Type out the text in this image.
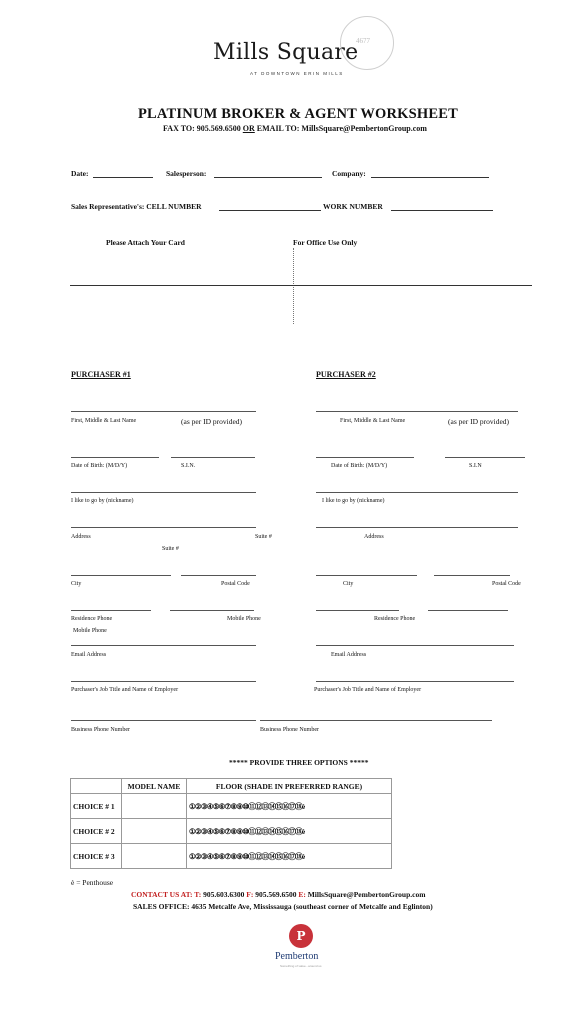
Mills Square
AT DOWNTOWN ERIN MILLS
4677
PLATINUM BROKER & AGENT WORKSHEET
FAX TO: 905.569.6500 OR EMAIL TO: MillsSquare@PembertonGroup.com
Date:	Salesperson:	Company:
Sales Representative's: CELL NUMBER	WORK NUMBER
Please Attach Your Card	For Office Use Only
PURCHASER #1	PURCHASER #2
First, Middle & Last Name	(as per ID provided)
Date of Birth: (M/D/Y)	S.I.N.
I like to go by (nickname)
Address	Suite #
Suite #
City	Postal Code
Residence Phone	Mobile Phone
Mobile Phone
Email Address
Purchaser's Job Title and Name of Employer
Business Phone Number
First, Middle & Last Name	(as per ID provided)
Date of Birth: (M/D/Y)	S.I.N
I like to go by (nickname)
Address
City	Postal Code
Residence Phone
Email Address
Purchaser's Job Title and Name of Employer
Business Phone Number
***** PROVIDE THREE OPTIONS *****
	MODEL NAME	FLOOR (SHADE IN PREFERRED RANGE)
CHOICE # 1		①②③④⑤⑥⑦⑧⑨⑩⑪⑫⑬⑭⑮⑯⑰⑱è
CHOICE # 2		①②③④⑤⑥⑦⑧⑨⑩⑪⑫⑬⑭⑮⑯⑰⑱è
CHOICE # 3		①②③④⑤⑥⑦⑧⑨⑩⑪⑫⑬⑭⑮⑯⑰⑱è
è = Penthouse
CONTACT US AT: T: 905.603.6300 F: 905.569.6500 E: MillsSquare@PembertonGroup.com
SALES OFFICE: 4635 Metcalfe Ave, Mississauga (southeast corner of Metcalfe and Eglinton)
P
Pemberton
Something of value...around us
